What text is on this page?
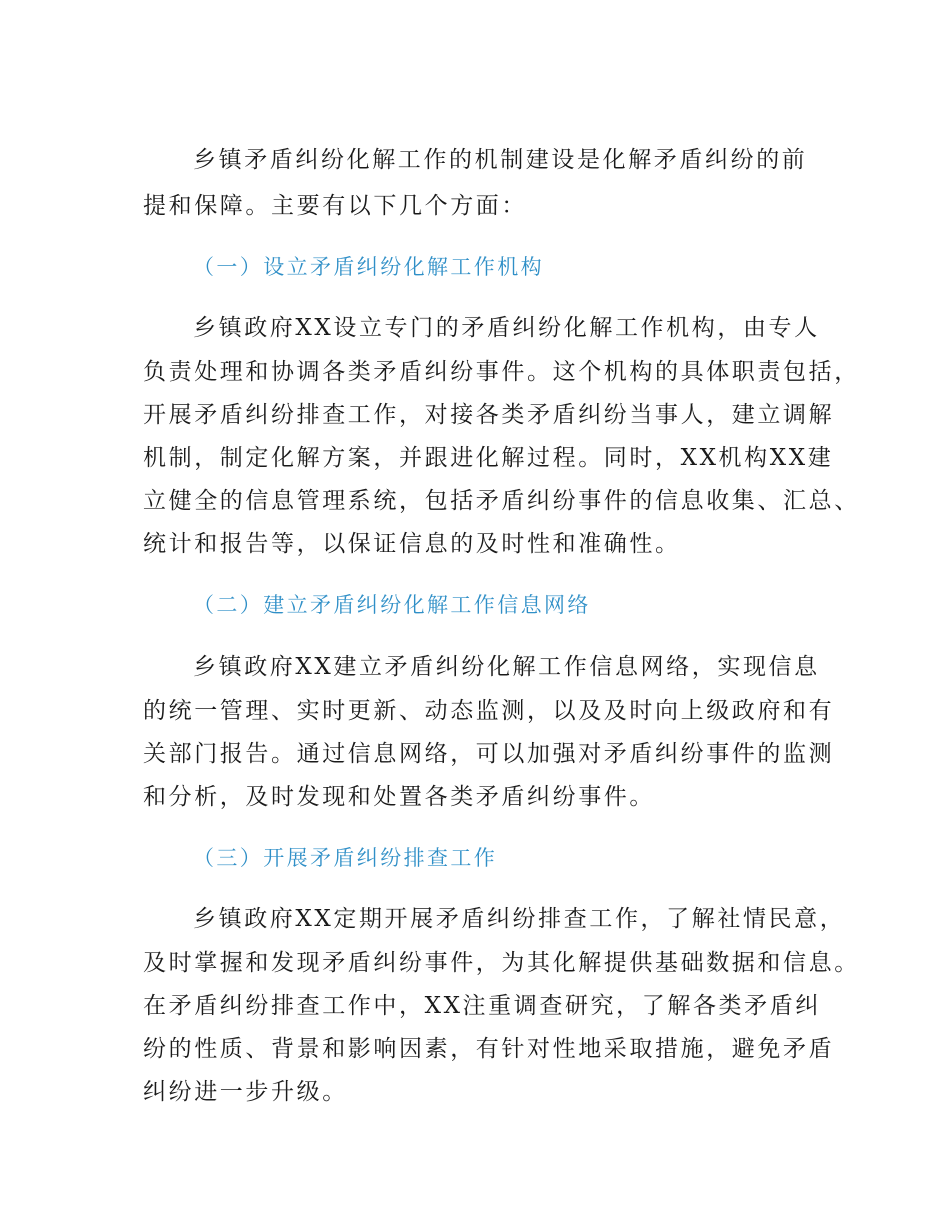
乡镇矛盾纠纷化解工作的机制建设是化解矛盾纠纷的前
提和保障。主要有以下几个方面：
（一）设立矛盾纠纷化解工作机构
乡镇政府XX设立专门的矛盾纠纷化解工作机构，由专人
负责处理和协调各类矛盾纠纷事件。这个机构的具体职责包括，
开展矛盾纠纷排查工作，对接各类矛盾纠纷当事人，建立调解
机制，制定化解方案，并跟进化解过程。同时，XX机构XX建
立健全的信息管理系统，包括矛盾纠纷事件的信息收集、汇总、
统计和报告等，以保证信息的及时性和准确性。
（二）建立矛盾纠纷化解工作信息网络
乡镇政府XX建立矛盾纠纷化解工作信息网络，实现信息
的统一管理、实时更新、动态监测，以及及时向上级政府和有
关部门报告。通过信息网络，可以加强对矛盾纠纷事件的监测
和分析，及时发现和处置各类矛盾纠纷事件。
（三）开展矛盾纠纷排查工作
乡镇政府XX定期开展矛盾纠纷排查工作，了解社情民意，
及时掌握和发现矛盾纠纷事件，为其化解提供基础数据和信息。
在矛盾纠纷排查工作中，XX注重调查研究，了解各类矛盾纠
纷的性质、背景和影响因素，有针对性地采取措施，避免矛盾
纠纷进一步升级。
